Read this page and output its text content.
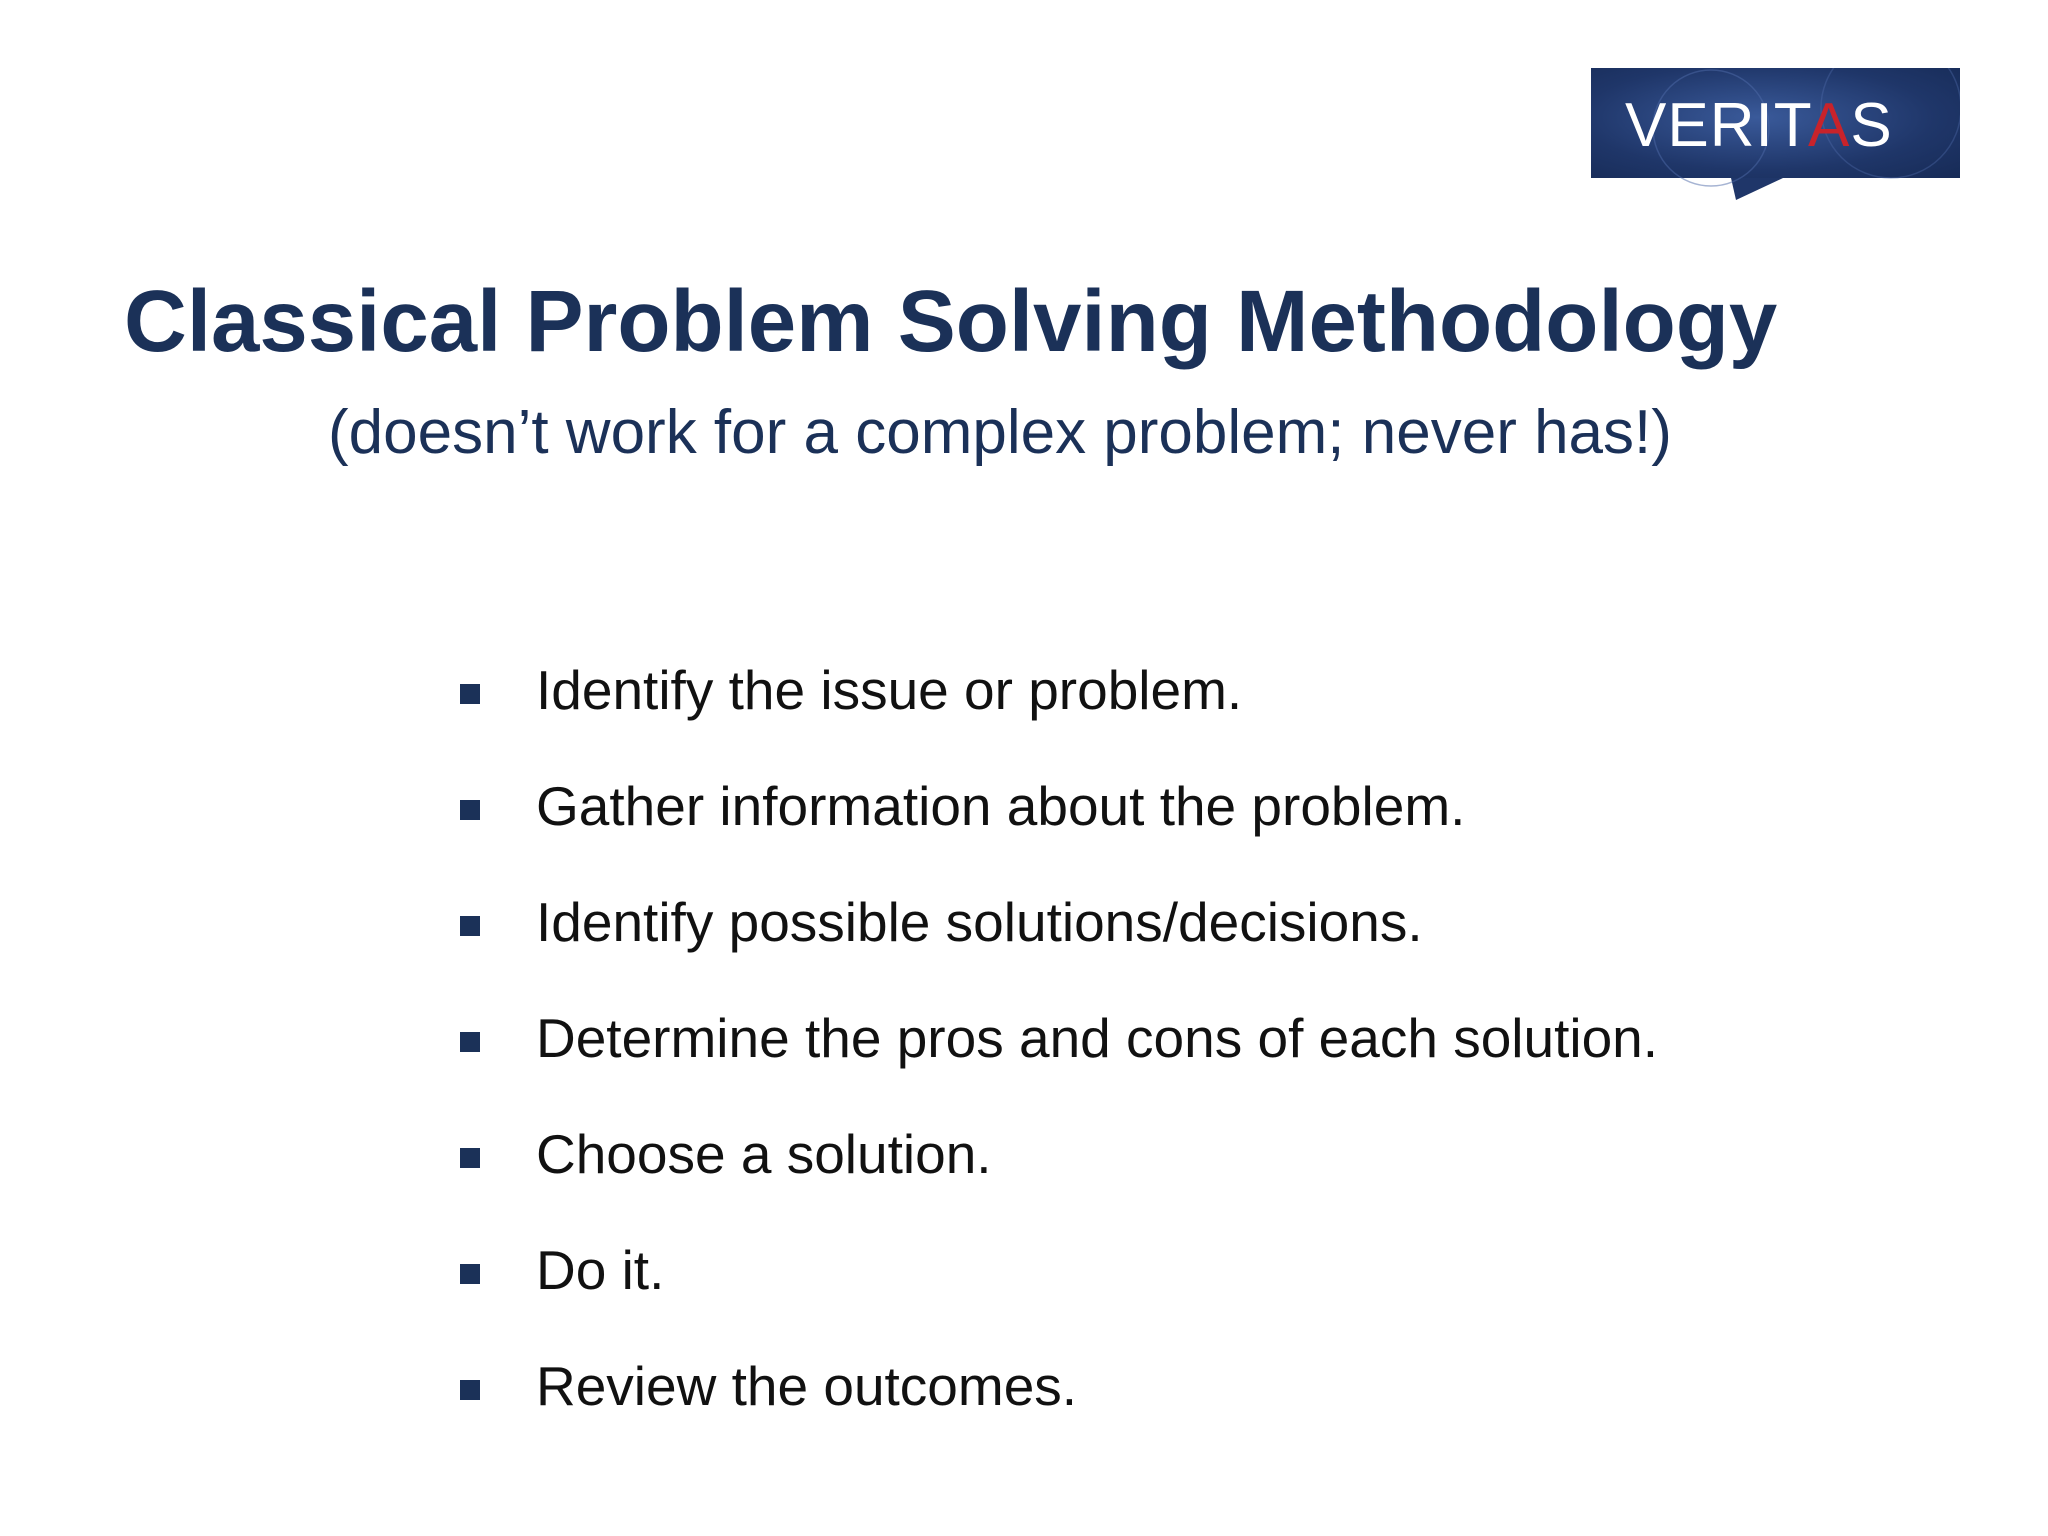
VERITAS
Classical Problem Solving Methodology

(doesn’t work for a complex problem; never has!)

Identify the issue or problem.
Gather information about the problem.
Identify possible solutions/decisions.
Determine the pros and cons of each solution.
Choose a solution.
Do it.
Review the outcomes.
